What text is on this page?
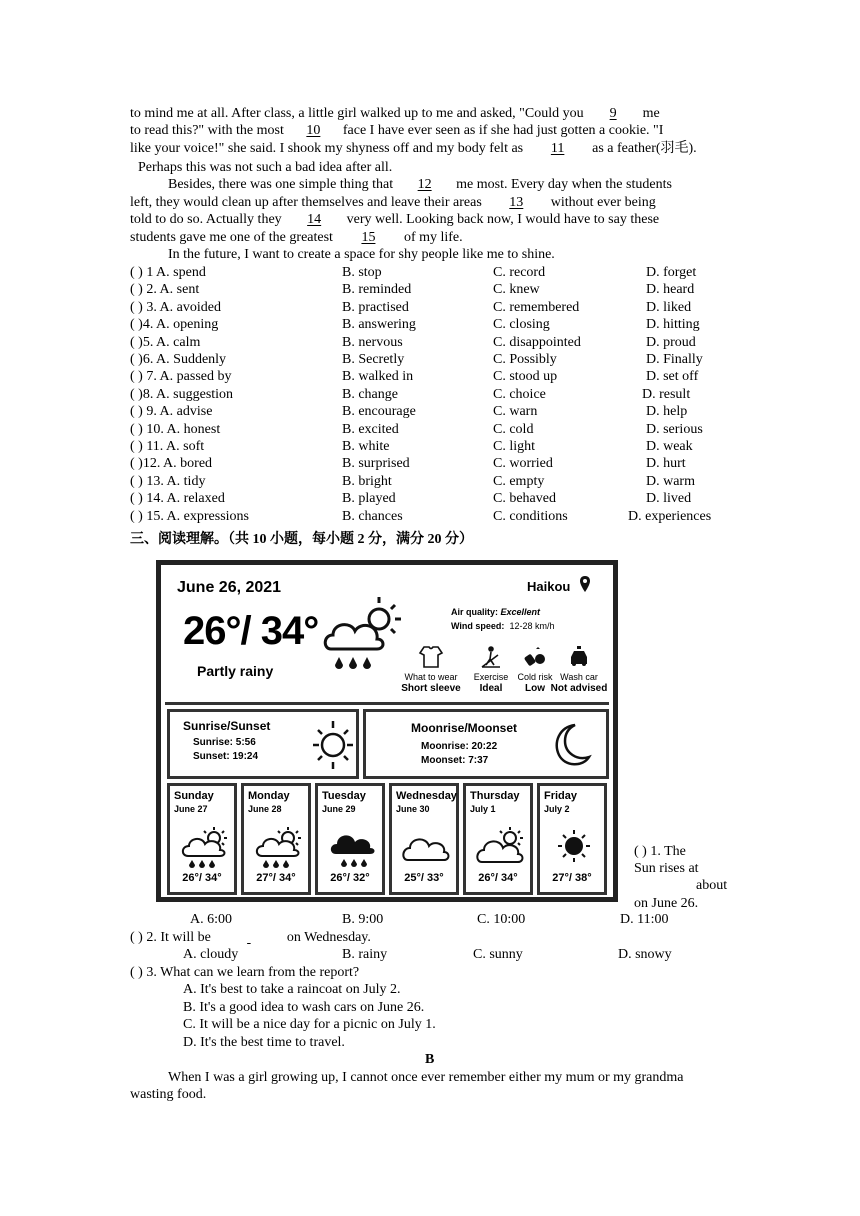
to mind me at all. After class, a little girl walked up to me and asked, "Could you 9 me
to read this?" with the most 10 face I have ever seen as if she had just gotten a cookie. "I
like your voice!" she said. I shook my shyness off and my body felt as 11 as a feather(羽毛).
Perhaps this was not such a bad idea after all.
Besides, there was one simple thing that 12 me most. Every day when the students
left, they would clean up after themselves and leave their areas 13 without ever being
told to do so. Actually they 14 very well. Looking back now, I would have to say these
students gave me one of the greatest 15 of my life.
In the future, I want to create a space for shy people like me to shine.
( ) 1 A. spend	B. stop	C. record	D. forget
( ) 2. A. sent	B. reminded	C. knew	D. heard
( ) 3. A. avoided	B. practised	C. remembered	D. liked
( )4. A. opening	B. answering	C. closing	D. hitting
( )5. A. calm	B. nervous	C. disappointed	D. proud
( )6. A. Suddenly	B. Secretly	C. Possibly	D. Finally
( ) 7. A. passed by	B. walked in	C. stood up	D. set off
( )8. A. suggestion	B. change	C. choice	D. result
( ) 9. A. advise	B. encourage	C. warn	D. help
( ) 10. A. honest	B. excited	C. cold	D. serious
( ) 11. A. soft	B. white	C. light	D. weak
( )12. A. bored	B. surprised	C. worried	D. hurt
( ) 13. A. tidy	B. bright	C. empty	D. warm
( ) 14. A. relaxed	B. played	C. behaved	D. lived
( ) 15. A. expressions	B. chances	C. conditions	D. experiences
三、阅读理解。（共 10 小题，每小题 2 分，满分 20 分）
June 26, 2021	Haikou
26°/ 34°
Partly rainy
Air quality: Excellent
Wind speed: 12-28 km/h
What to wear
Short sleeve
Exercise
Ideal
Cold risk
Low
Wash car
Not advised
Sunrise/Sunset
Sunrise: 5:56
Sunset: 19:24
Moonrise/Moonset
Moonrise: 20:22
Moonset: 7:37
Sunday
June 27
26°/ 34°
Monday
June 28
27°/ 34°
Tuesday
June 29
26°/ 32°
Wednesday
June 30
25°/ 33°
Thursday
July 1
26°/ 34°
Friday
July 2
27°/ 38°
( ) 1. The
Sun rises at
about
on June 26.
A. 6:00	B. 9:00	C. 10:00	D. 11:00
( ) 2. It will be	on Wednesday.
A. cloudy	B. rainy	C. sunny	D. snowy
( ) 3. What can we learn from the report?
A. It's best to take a raincoat on July 2.
B. It's a good idea to wash cars on June 26.
C. It will be a nice day for a picnic on July 1.
D. It's the best time to travel.
B
When I was a girl growing up, I cannot once ever remember either my mum or my grandma
wasting food.
